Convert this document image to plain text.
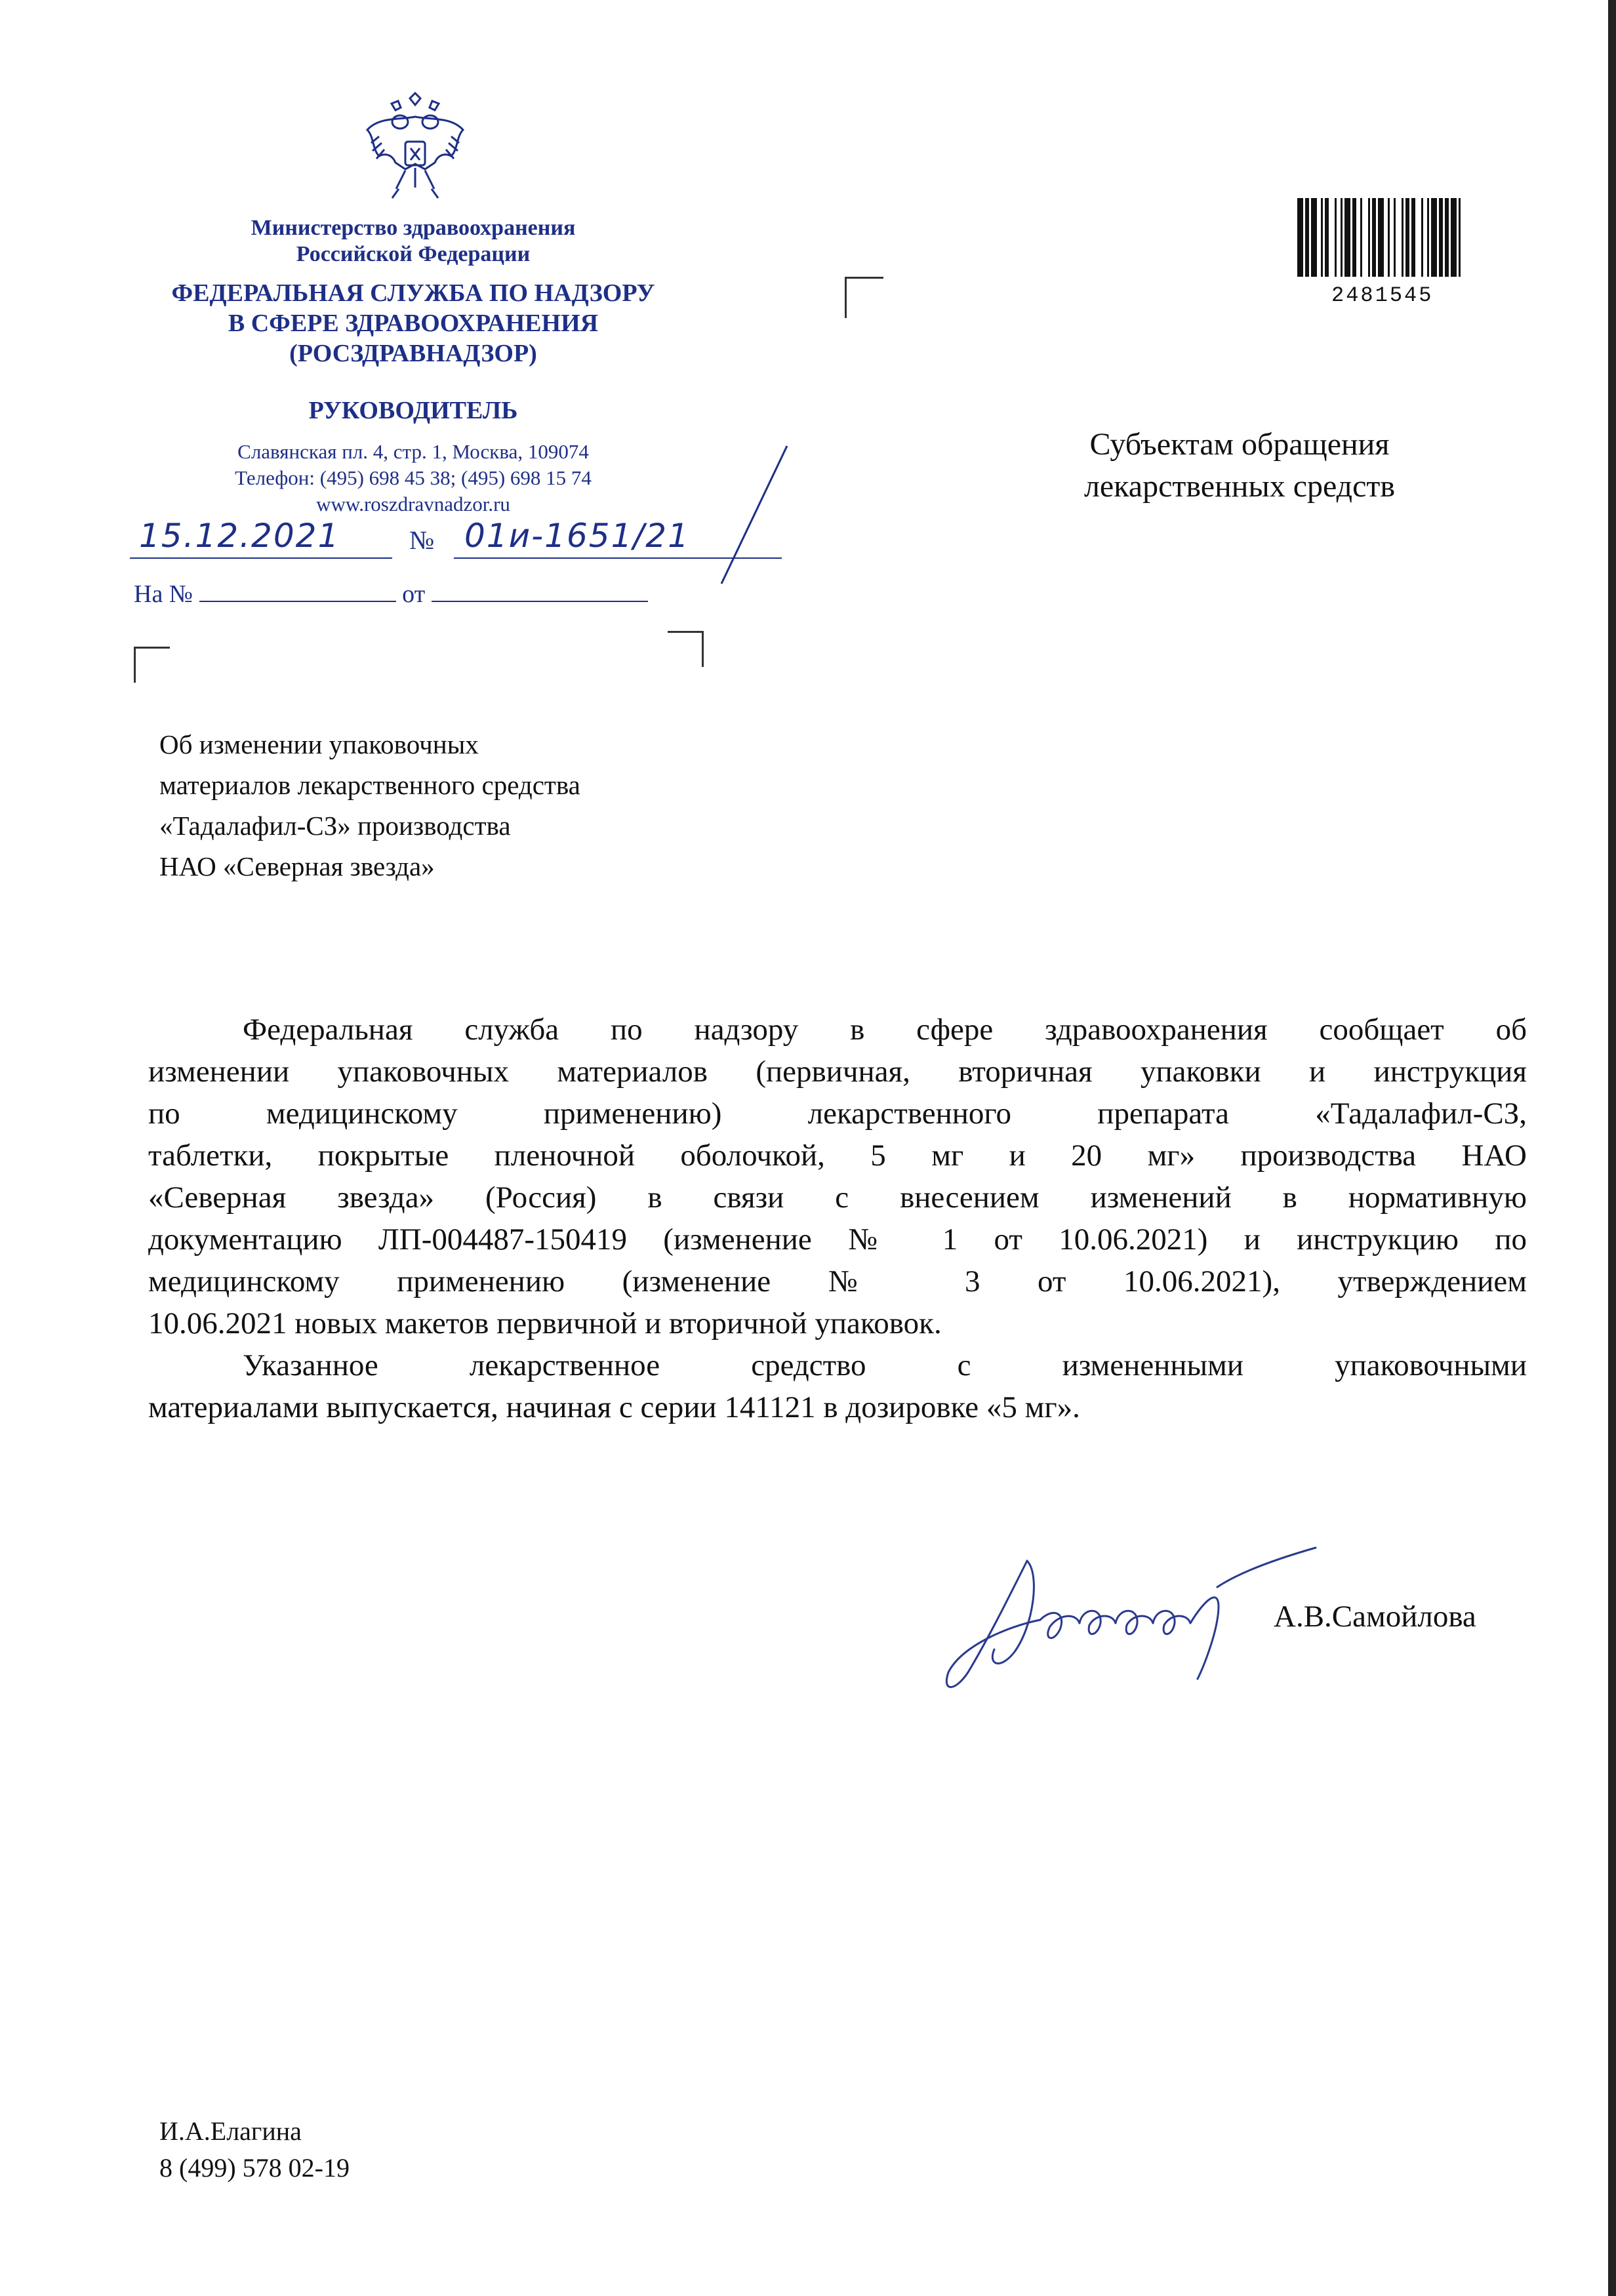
Министерство здравоохранения
Российской Федерации
ФЕДЕРАЛЬНАЯ СЛУЖБА ПО НАДЗОРУ
В СФЕРЕ ЗДРАВООХРАНЕНИЯ
(РОСЗДРАВНАДЗОР)
РУКОВОДИТЕЛЬ
Славянская пл. 4, стр. 1, Москва, 109074
Телефон: (495) 698 45 38; (495) 698 15 74
www.roszdravnadzor.ru
15.12.2021	№ 01и-1651/21
На №	от
2481545
Субъектам обращения
лекарственных средств
Об изменении упаковочных
материалов лекарственного средства
«Тадалафил-СЗ» производства
НАО «Северная звезда»
Федеральная служба по надзору в сфере здравоохранения сообщает об
изменении упаковочных материалов (первичная, вторичная упаковки и инструкция
по медицинскому применению) лекарственного препарата «Тадалафил-СЗ,
таблетки, покрытые пленочной оболочкой, 5 мг и 20 мг» производства НАО
«Северная звезда» (Россия) в связи с внесением изменений в нормативную
документацию ЛП-004487-150419 (изменение № 1 от 10.06.2021) и инструкцию по
медицинскому применению (изменение № 3 от 10.06.2021), утверждением
10.06.2021 новых макетов первичной и вторичной упаковок.
Указанное лекарственное средство с измененными упаковочными
материалами выпускается, начиная с серии 141121 в дозировке «5 мг».
А.В.Самойлова
И.А.Елагина
8 (499) 578 02-19
